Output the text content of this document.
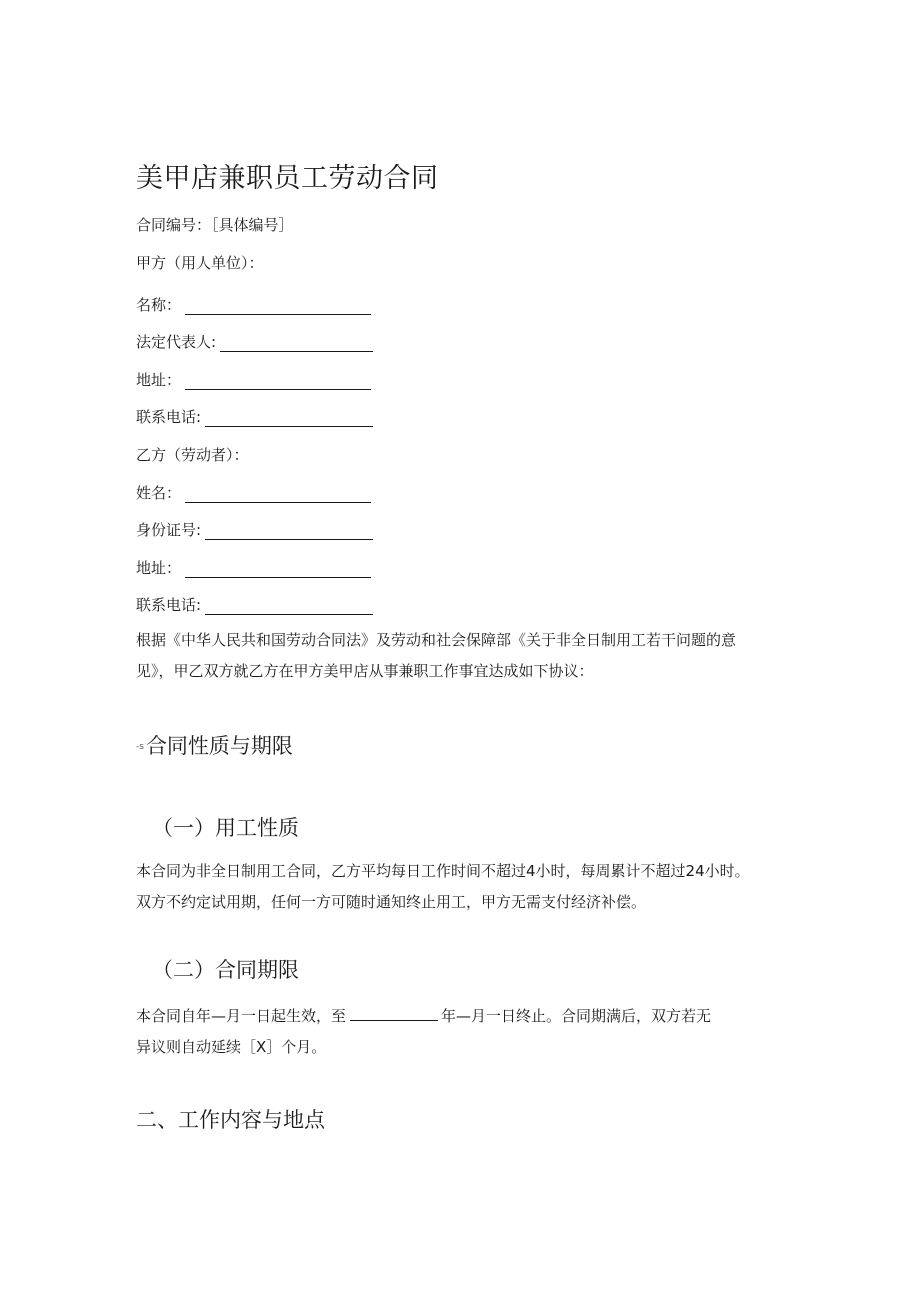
美甲店兼职员工劳动合同
合同编号：［具体编号］
甲方（用人单位）：
名称：
法定代表人:
地址：
联系电话:
乙方（劳动者）：
姓名：
身份证号:
地址：
联系电话:
根据《中华人民共和国劳动合同法》及劳动和社会保障部《关于非全日制用工若干问题的意
见》，甲乙双方就乙方在甲方美甲店从事兼职工作事宜达成如下协议：
-s合同性质与期限
（一）用工性质
本合同为非全日制用工合同，乙方平均每日工作时间不超过4小时，每周累计不超过24小时。
双方不约定试用期，任何一方可随时通知终止用工，甲方无需支付经济补偿。
（二）合同期限
本合同自年—月一日起生效，至	年—月一日终止。合同期满后，双方若无
异议则自动延续［X］个月。
二、工作内容与地点
